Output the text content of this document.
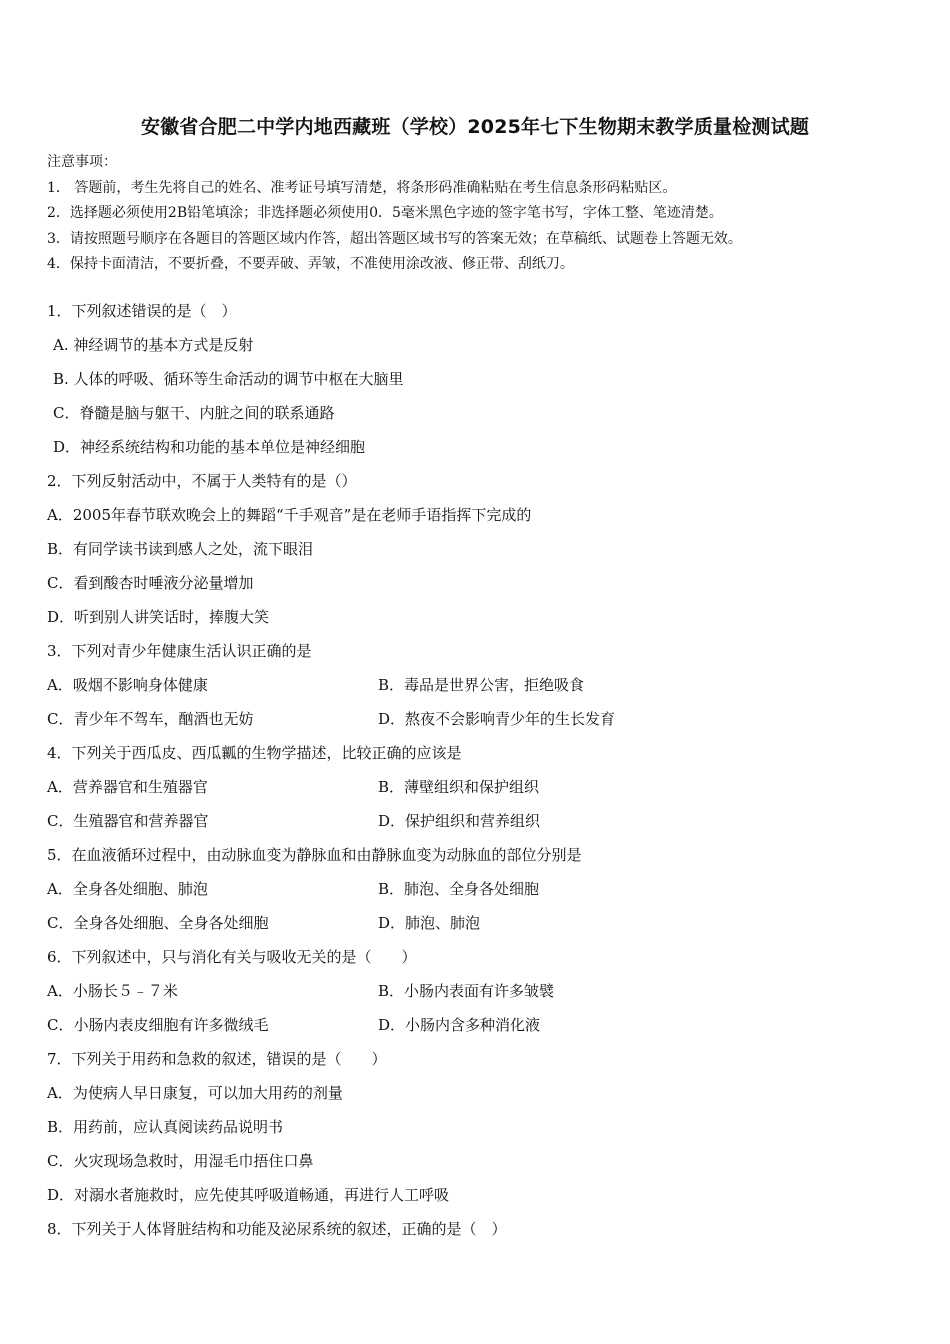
安徽省合肥二中学内地西藏班（学校）2025年七下生物期末教学质量检测试题
注意事项：
1． 答题前，考生先将自己的姓名、准考证号填写清楚，将条形码准确粘贴在考生信息条形码粘贴区。
2．选择题必须使用2B铅笔填涂；非选择题必须使用0．5毫米黑色字迹的签字笔书写，字体工整、笔迹清楚。
3．请按照题号顺序在各题目的答题区域内作答，超出答题区域书写的答案无效；在草稿纸、试题卷上答题无效。
4．保持卡面清洁，不要折叠，不要弄破、弄皱，不准使用涂改液、修正带、刮纸刀。
1．下列叙述错误的是（　）
A. 神经调节的基本方式是反射
B. 人体的呼吸、循环等生命活动的调节中枢在大脑里
C．脊髓是脑与躯干、内脏之间的联系通路
D．神经系统结构和功能的基本单位是神经细胞
2．下列反射活动中，不属于人类特有的是（）
A．2005年春节联欢晚会上的舞蹈“千手观音”是在老师手语指挥下完成的
B．有同学读书读到感人之处，流下眼泪
C．看到酸杏时唾液分泌量增加
D．听到别人讲笑话时，捧腹大笑
3．下列对青少年健康生活认识正确的是
A．吸烟不影响身体健康	B．毒品是世界公害，拒绝吸食
C．青少年不驾车，酗酒也无妨	D．熬夜不会影响青少年的生长发育
4．下列关于西瓜皮、西瓜瓤的生物学描述，比较正确的应该是
A．营养器官和生殖器官	B．薄壁组织和保护组织
C．生殖器官和营养器官	D．保护组织和营养组织
5．在血液循环过程中，由动脉血变为静脉血和由静脉血变为动脉血的部位分别是
A．全身各处细胞、肺泡	B．肺泡、全身各处细胞
C．全身各处细胞、全身各处细胞	D．肺泡、肺泡
6．下列叙述中，只与消化有关与吸收无关的是（　　）
A．小肠长５﹣７米	B．小肠内表面有许多皱襞
C．小肠内表皮细胞有许多微绒毛	D．小肠内含多种消化液
7．下列关于用药和急救的叙述，错误的是（　　）
A．为使病人早日康复，可以加大用药的剂量
B．用药前，应认真阅读药品说明书
C．火灾现场急救时，用湿毛巾捂住口鼻
D．对溺水者施救时，应先使其呼吸道畅通，再进行人工呼吸
8．下列关于人体肾脏结构和功能及泌尿系统的叙述，正确的是（　）
